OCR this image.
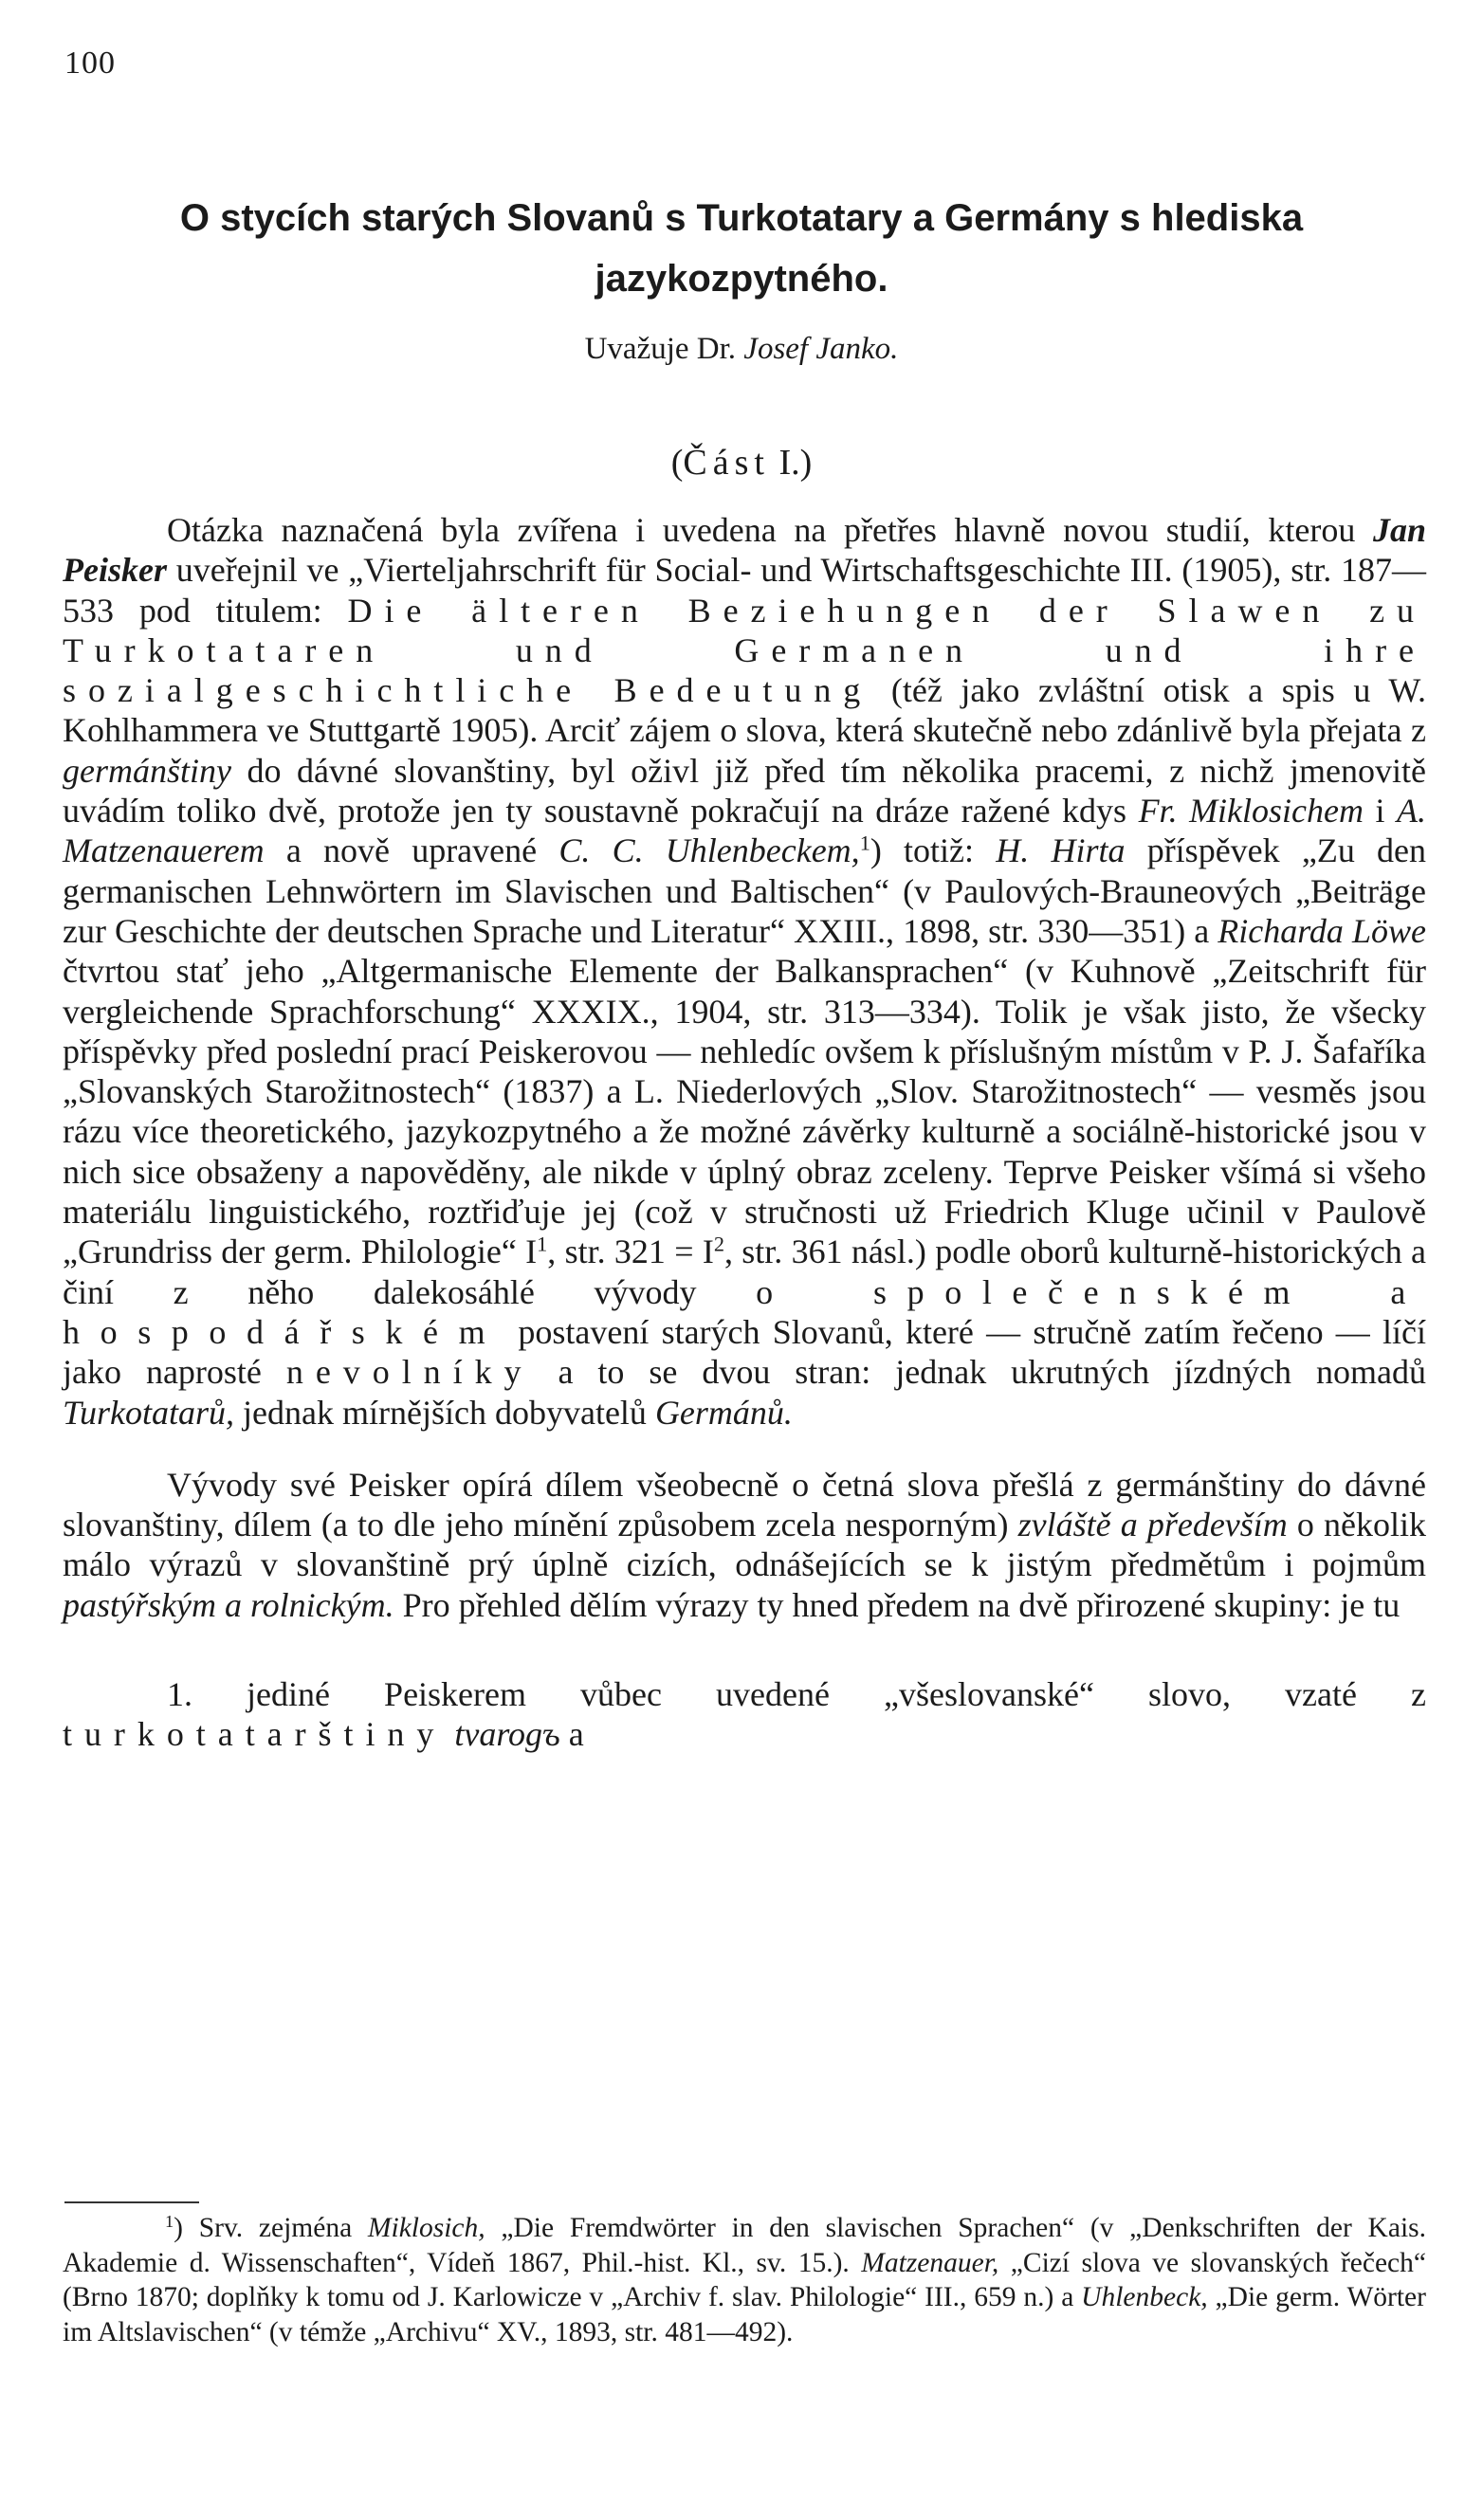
100
O stycích starých Slovanů s Turkotatary a Germány s hlediska jazykozpytného.
Uvažuje Dr. Josef Janko.
(Část I.)

Otázka naznačená byla zvířena i uvedena na přetřes hlavně novou studií, kterou Jan Peisker uveřejnil ve „Vierteljahrschrift für Social- und Wirtschaftsgeschichte III. (1905), str. 187—533 pod titulem: Die älteren Beziehungen der Slawen zu Turkotataren und Germanen und ihre sozialgeschichtliche Bedeutung (též jako zvláštní otisk a spis u W. Kohlhammera ve Stuttgartě 1905). Arciť zájem o slova, která skutečně nebo zdánlivě byla přejata z germánštiny do dávné slovanštiny, byl oživl již před tím několika pracemi, z nichž jmenovitě uvádím toliko dvě, protože jen ty soustavně pokračují na dráze ražené kdys Fr. Miklosichem i A. Matzenauerem a nově upravené C. C. Uhlenbeckem,$^1$) totiž: H. Hirta příspěvek „Zu den germanischen Lehnwörtern im Slavischen und Baltischen“ (v Paulových-Brauneových „Beiträge zur Geschichte der deutschen Sprache und Literatur“ XXIII., 1898, str. 330—351) a Richarda Löwe čtvrtou stať jeho „Altgermanische Elemente der Balkansprachen“ (v Kuhnově „Zeitschrift für vergleichende Sprachforschung“ XXXIX., 1904, str. 313—334). Tolik je však jisto, že všecky příspěvky před poslední prací Peiskerovou — nehledíc ovšem k příslušným místům v P. J. Šafaříka „Slovanských Starožitnostech“ (1837) a L. Niederlových „Slov. Starožitnostech“ — vesměs jsou rázu více theoretického, jazykozpytného a že možné závěrky kulturně a sociálně-historické jsou v nich sice obsaženy a napověděny, ale nikde v úplný obraz zceleny. Teprve Peisker všímá si všeho materiálu linguistického, roztřiďuje jej (což v stručnosti už Friedrich Kluge učinil v Paulově „Grundriss der germ. Philologie“ $I^1$, str. $321 = I^2$, str. 361 násl.) podle oborů kulturně-historických a činí z něho dalekosáhlé vývody o společenském a hospodářském postavení starých Slovanů, které — stručně zatím řečeno — líčí jako naprosté nevolníky a to se dvou stran: jednak ukrutných jízdných nomadů Turkotatarů, jednak mírnějších dobyvatelů Germánů.

Vývody své Peisker opírá dílem všeobecně o četná slova přešlá z germánštiny do dávné slovanštiny, dílem (a to dle jeho mínění způsobem zcela nesporným) zvláště a především o několik málo výrazů v slovanštině prý úplně cizích, odnášejících se k jistým předmětům i pojmům pastýřským a rolnickým. Pro přehled dělím výrazy ty hned předem na dvě přirozené skupiny: je tu

1. jediné Peiskerem vůbec uvedené „všeslovanské“ slovo, vzaté z turkotatarštiny tvarogъ a

$^1$) Srv. zejména Miklosich, „Die Fremdwörter in den slavischen Sprachen“ (v „Denkschriften der Kais. Akademie d. Wissenschaften“, Vídeň 1867, Phil.-hist. Kl., sv. 15.). Matzenauer, „Cizí slova ve slovanských řečech“ (Brno 1870; doplňky k tomu od J. Karlowicze v „Archiv f. slav. Philologie“ III., 659 n.) a Uhlenbeck, „Die germ. Wörter im Altslavischen“ (v témže „Archivu“ XV., 1893, str. 481—492).
